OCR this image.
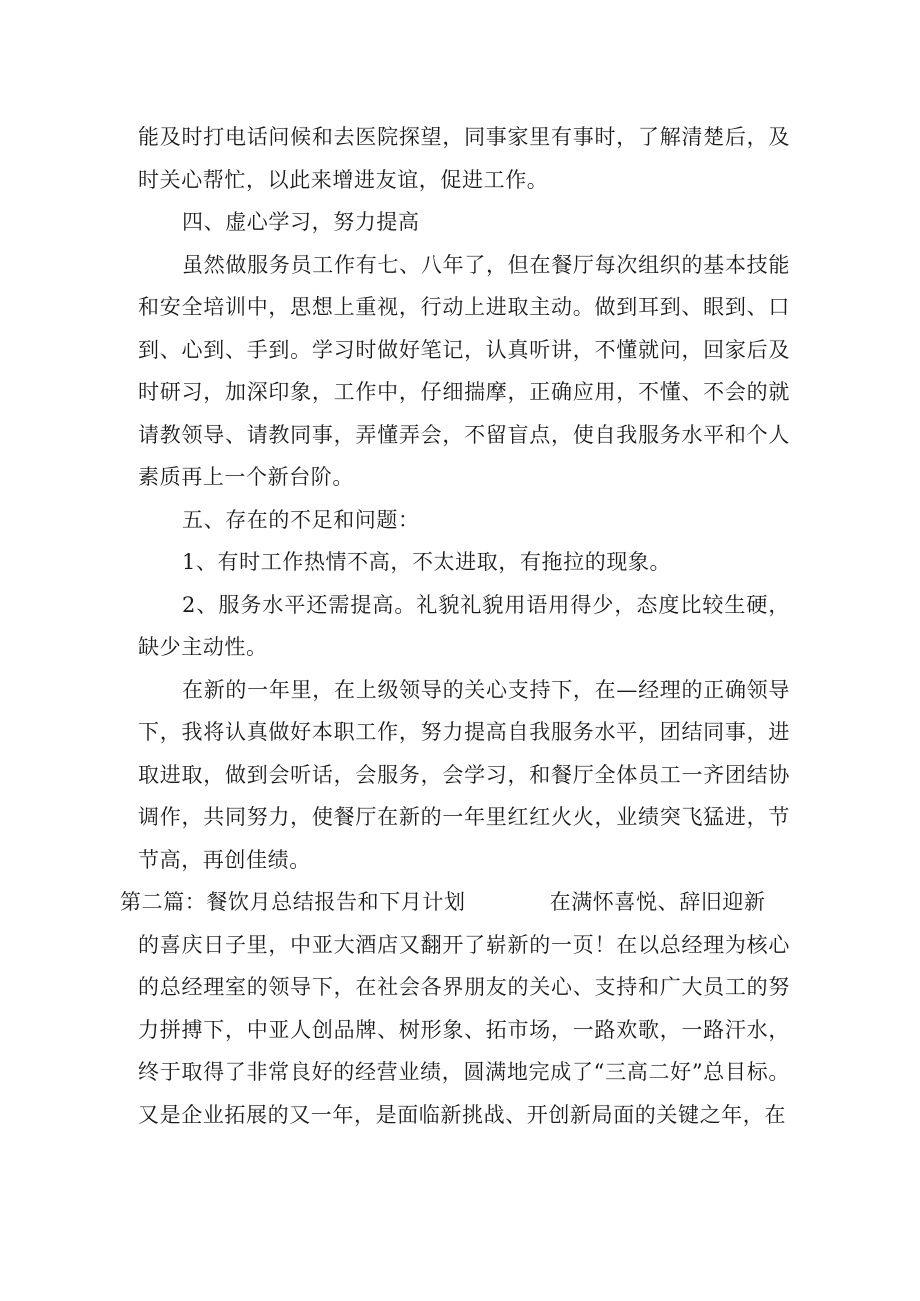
能及时打电话问候和去医院探望，同事家里有事时，了解清楚后，及时关心帮忙，以此来增进友谊，促进工作。

四、虚心学习，努力提高

虽然做服务员工作有七、八年了，但在餐厅每次组织的基本技能和安全培训中，思想上重视，行动上进取主动。做到耳到、眼到、口到、心到、手到。学习时做好笔记，认真听讲，不懂就问，回家后及时研习，加深印象，工作中，仔细揣摩，正确应用，不懂、不会的就请教领导、请教同事，弄懂弄会，不留盲点，使自我服务水平和个人素质再上一个新台阶。

五、存在的不足和问题：

1、有时工作热情不高，不太进取，有拖拉的现象。

2、服务水平还需提高。礼貌礼貌用语用得少，态度比较生硬，缺少主动性。

在新的一年里，在上级领导的关心支持下，在—经理的正确领导下，我将认真做好本职工作，努力提高自我服务水平，团结同事，进取进取，做到会听话，会服务，会学习，和餐厅全体员工一齐团结协调作，共同努力，使餐厅在新的一年里红红火火，业绩突飞猛进，节节高，再创佳绩。

第二篇：餐饮月总结报告和下月计划	在满怀喜悦、辞旧迎新

的喜庆日子里，中亚大酒店又翻开了崭新的一页！在以总经理为核心的总经理室的领导下，在社会各界朋友的关心、支持和广大员工的努力拼搏下，中亚人创品牌、树形象、拓市场，一路欢歌，一路汗水，终于取得了非常良好的经营业绩，圆满地完成了“三高二好”总目标。又是企业拓展的又一年，是面临新挑战、开创新局面的关键之年，在
